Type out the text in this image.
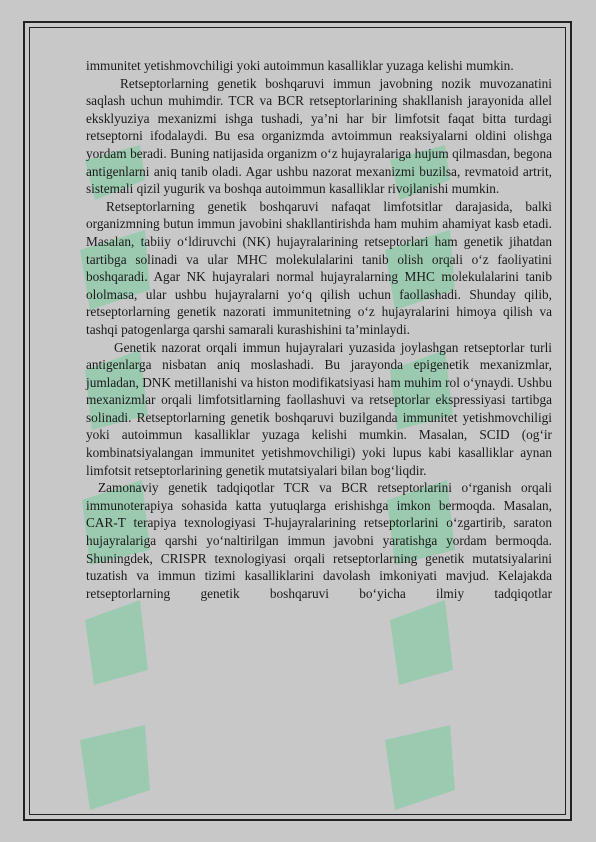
immunitet yetishmovchiligi yoki autoimmun kasalliklar yuzaga kelishi mumkin.

Retseptorlarning genetik boshqaruvi immun javobning nozik muvozanatini saqlash uchun muhimdir. TCR va BCR retseptorlarining shakllanish jarayonida allel eksklyuziya mexanizmi ishga tushadi, ya’ni har bir limfotsit faqat bitta turdagi retseptorni ifodalaydi. Bu esa organizmda avtoimmun reaksiyalarni oldini olishga yordam beradi. Buning natijasida organizm o‘z hujayralariga hujum qilmasdan, begona antigenlarni aniq tanib oladi. Agar ushbu nazorat mexanizmi buzilsa, revmatoid artrit, sistemali qizil yugurik va boshqa autoimmun kasalliklar rivojlanishi mumkin.

Retseptorlarning genetik boshqaruvi nafaqat limfotsitlar darajasida, balki organizmning butun immun javobini shakllantirishda ham muhim ahamiyat kasb etadi. Masalan, tabiiy o‘ldiruvchi (NK) hujayralarining retseptorlari ham genetik jihatdan tartibga solinadi va ular MHC molekulalarini tanib olish orqali o‘z faoliyatini boshqaradi. Agar NK hujayralari normal hujayralarning MHC molekulalarini tanib ololmasa, ular ushbu hujayralarni yo‘q qilish uchun faollashadi. Shunday qilib, retseptorlarning genetik nazorati immunitetning o‘z hujayralarini himoya qilish va tashqi patogenlarga qarshi samarali kurashishini ta’minlaydi.

Genetik nazorat orqali immun hujayralari yuzasida joylashgan retseptorlar turli antigenlarga nisbatan aniq moslashadi. Bu jarayonda epigenetik mexanizmlar, jumladan, DNK metillanishi va histon modifikatsiyasi ham muhim rol o‘ynaydi. Ushbu mexanizmlar orqali limfotsitlarning faollashuvi va retseptorlar ekspressiyasi tartibga solinadi. Retseptorlarning genetik boshqaruvi buzilganda immunitet yetishmovchiligi yoki autoimmun kasalliklar yuzaga kelishi mumkin. Masalan, SCID (og‘ir kombinatsiyalangan immunitet yetishmovchiligi) yoki lupus kabi kasalliklar aynan limfotsit retseptorlarining genetik mutatsiyalari bilan bog‘liqdir.

Zamonaviy genetik tadqiqotlar TCR va BCR retseptorlarini o‘rganish orqali immunoterapiya sohasida katta yutuqlarga erishishga imkon bermoqda. Masalan, CAR-T terapiya texnologiyasi T-hujayralarining retseptorlarini o‘zgartirib, saraton hujayralariga qarshi yo‘naltirilgan immun javobni yaratishga yordam bermoqda. Shuningdek, CRISPR texnologiyasi orqali retseptorlarning genetik mutatsiyalarini tuzatish va immun tizimi kasalliklarini davolash imkoniyati mavjud. Kelajakda retseptorlarning genetik boshqaruvi bo‘yicha ilmiy tadqiqotlar
